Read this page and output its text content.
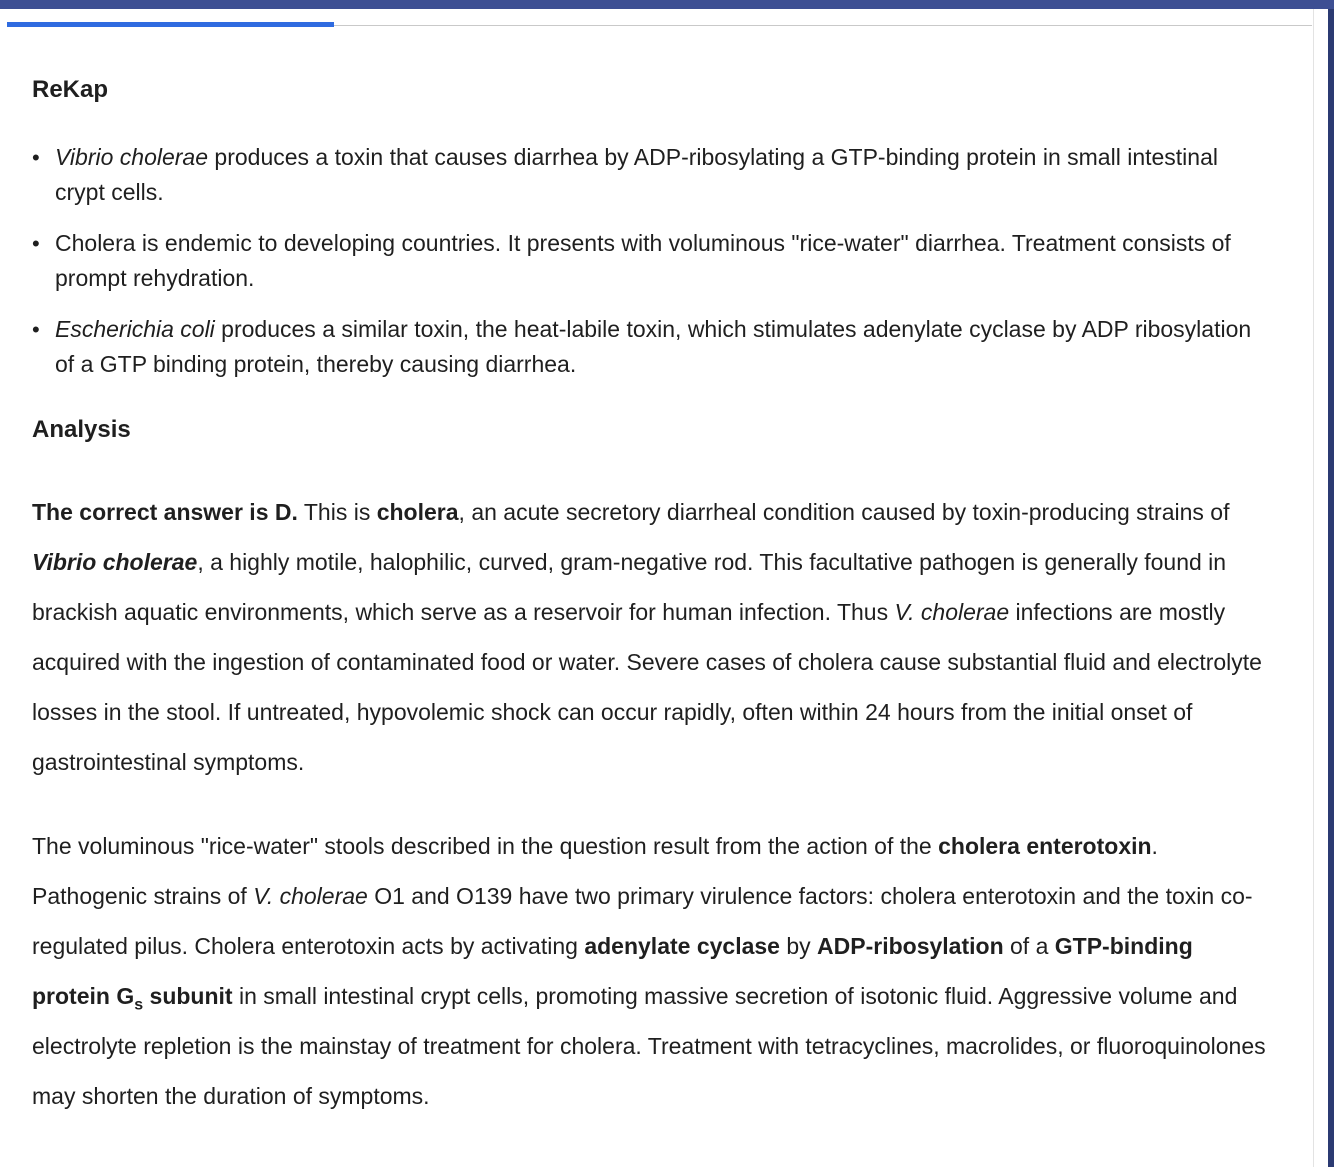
ReKap
• Vibrio cholerae produces a toxin that causes diarrhea by ADP-ribosylating a GTP-binding protein in small intestinal crypt cells.
• Cholera is endemic to developing countries. It presents with voluminous "rice-water" diarrhea. Treatment consists of prompt rehydration.
• Escherichia coli produces a similar toxin, the heat-labile toxin, which stimulates adenylate cyclase by ADP ribosylation of a GTP binding protein, thereby causing diarrhea.
Analysis

The correct answer is D. This is cholera, an acute secretory diarrheal condition caused by toxin-producing strains of Vibrio cholerae, a highly motile, halophilic, curved, gram-negative rod. This facultative pathogen is generally found in brackish aquatic environments, which serve as a reservoir for human infection. Thus V. cholerae infections are mostly acquired with the ingestion of contaminated food or water. Severe cases of cholera cause substantial fluid and electrolyte losses in the stool. If untreated, hypovolemic shock can occur rapidly, often within 24 hours from the initial onset of gastrointestinal symptoms.

The voluminous "rice-water" stools described in the question result from the action of the cholera enterotoxin. Pathogenic strains of V. cholerae O1 and O139 have two primary virulence factors: cholera enterotoxin and the toxin co-regulated pilus. Cholera enterotoxin acts by activating adenylate cyclase by ADP-ribosylation of a GTP-binding protein $G_s$ subunit in small intestinal crypt cells, promoting massive secretion of isotonic fluid. Aggressive volume and electrolyte repletion is the mainstay of treatment for cholera. Treatment with tetracyclines, macrolides, or fluoroquinolones may shorten the duration of symptoms.
